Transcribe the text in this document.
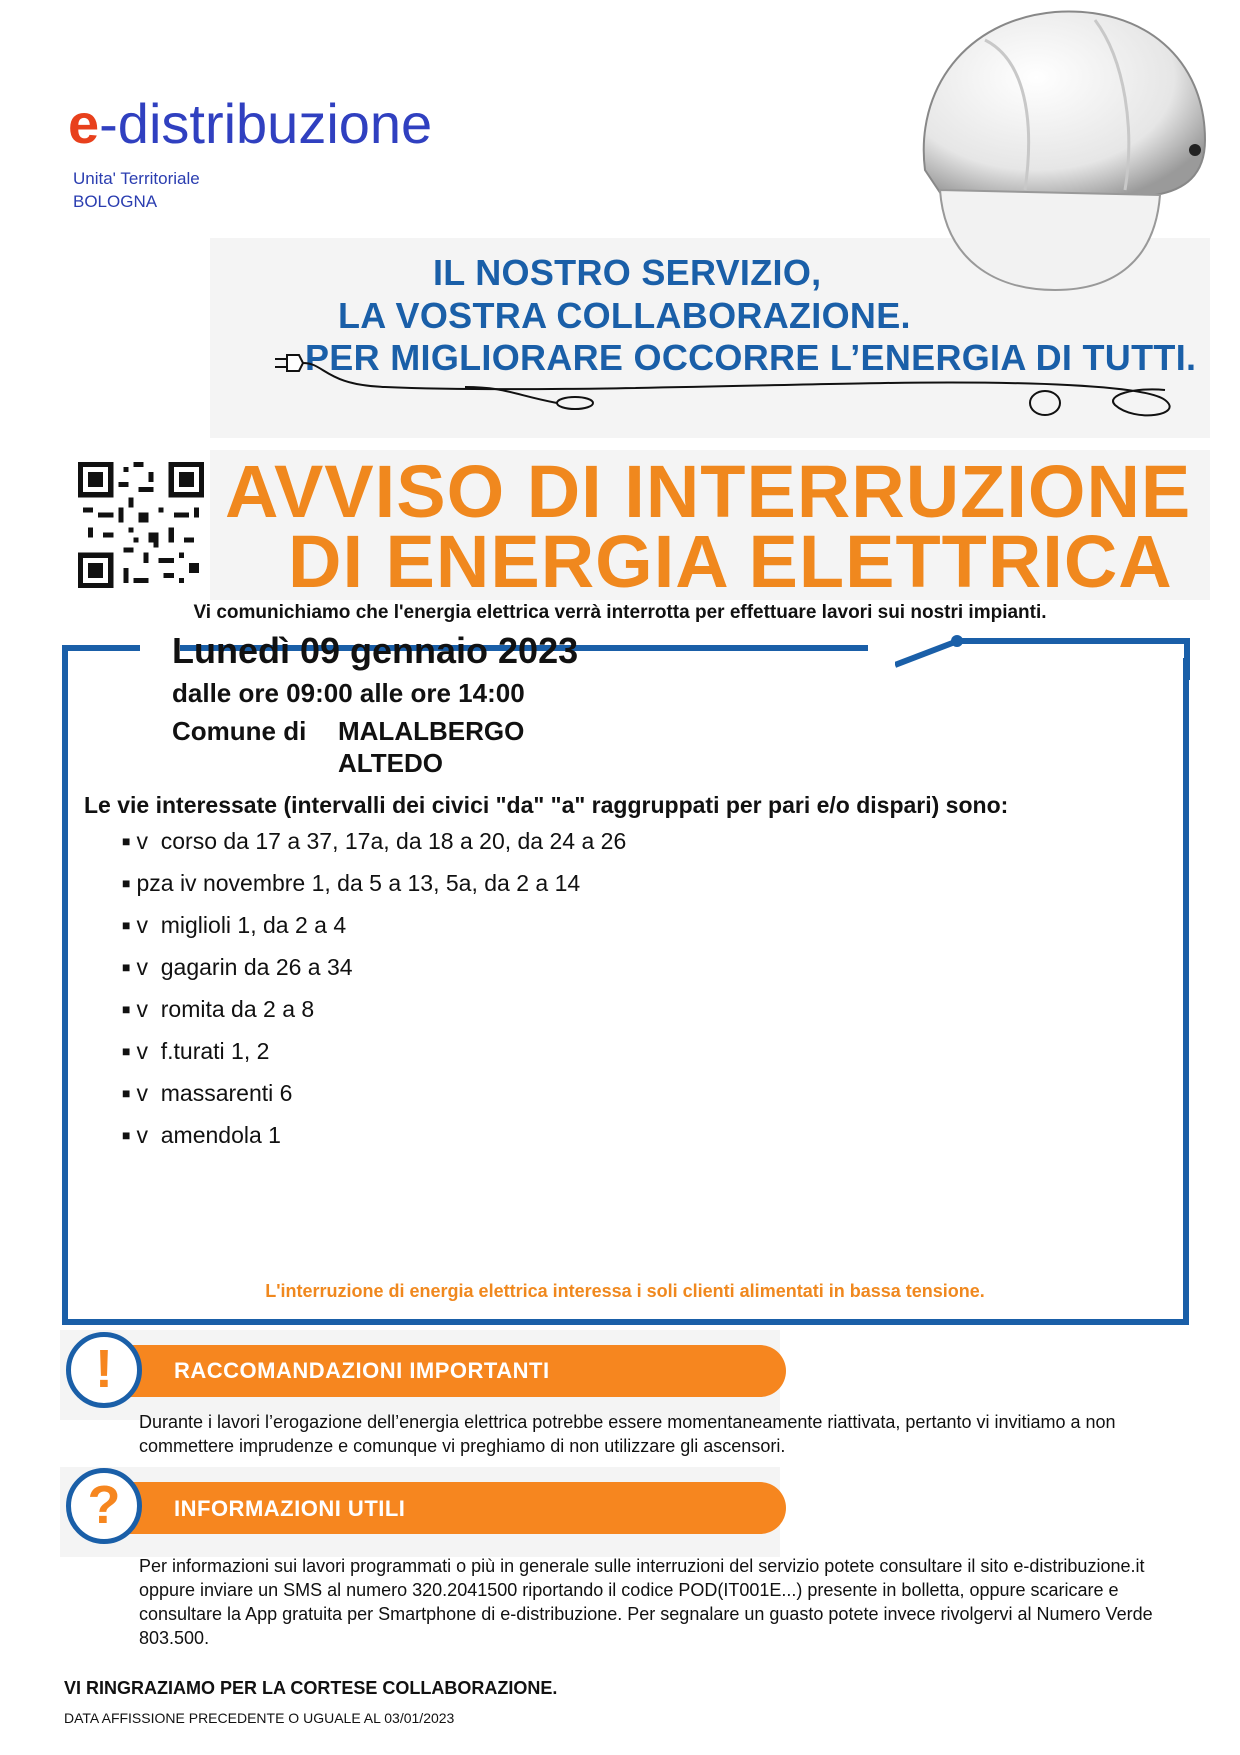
e-distribuzione
Unita' Territoriale
BOLOGNA
IL NOSTRO SERVIZIO,
LA VOSTRA COLLABORAZIONE.
PER MIGLIORARE OCCORRE L’ENERGIA DI TUTTI.
AVVISO DI INTERRUZIONE
DI ENERGIA ELETTRICA
Vi comunichiamo che l'energia elettrica verrà interrotta per effettuare lavori sui nostri impianti.
Lunedì 09 gennaio 2023
dalle ore 09:00 alle ore 14:00
Comune di MALALBERGO
ALTEDO
Le vie interessate (intervalli dei civici "da" "a" raggruppati per pari e/o dispari) sono:
■ v  corso da 17 a 37, 17a, da 18 a 20, da 24 a 26
■ pza iv novembre 1, da 5 a 13, 5a, da 2 a 14
■ v  miglioli 1, da 2 a 4
■ v  gagarin da 26 a 34
■ v  romita da 2 a 8
■ v  f.turati 1, 2
■ v  massarenti 6
■ v  amendola 1
L'interruzione di energia elettrica interessa i soli clienti alimentati in bassa tensione.
RACCOMANDAZIONI IMPORTANTI
!
Durante i lavori l’erogazione dell’energia elettrica potrebbe essere momentaneamente riattivata, pertanto vi invitiamo a non commettere imprudenze e comunque vi preghiamo di non utilizzare gli ascensori.
INFORMAZIONI UTILI
?
Per informazioni sui lavori programmati o più in generale sulle interruzioni del servizio potete consultare il sito e-distribuzione.it oppure inviare un SMS al numero 320.2041500 riportando il codice POD(IT001E...) presente in bolletta, oppure scaricare e consultare la App gratuita per Smartphone di e-distribuzione. Per segnalare un guasto potete invece rivolgervi al Numero Verde 803.500.
VI RINGRAZIAMO PER LA CORTESE COLLABORAZIONE.
DATA AFFISSIONE PRECEDENTE O UGUALE AL 03/01/2023
